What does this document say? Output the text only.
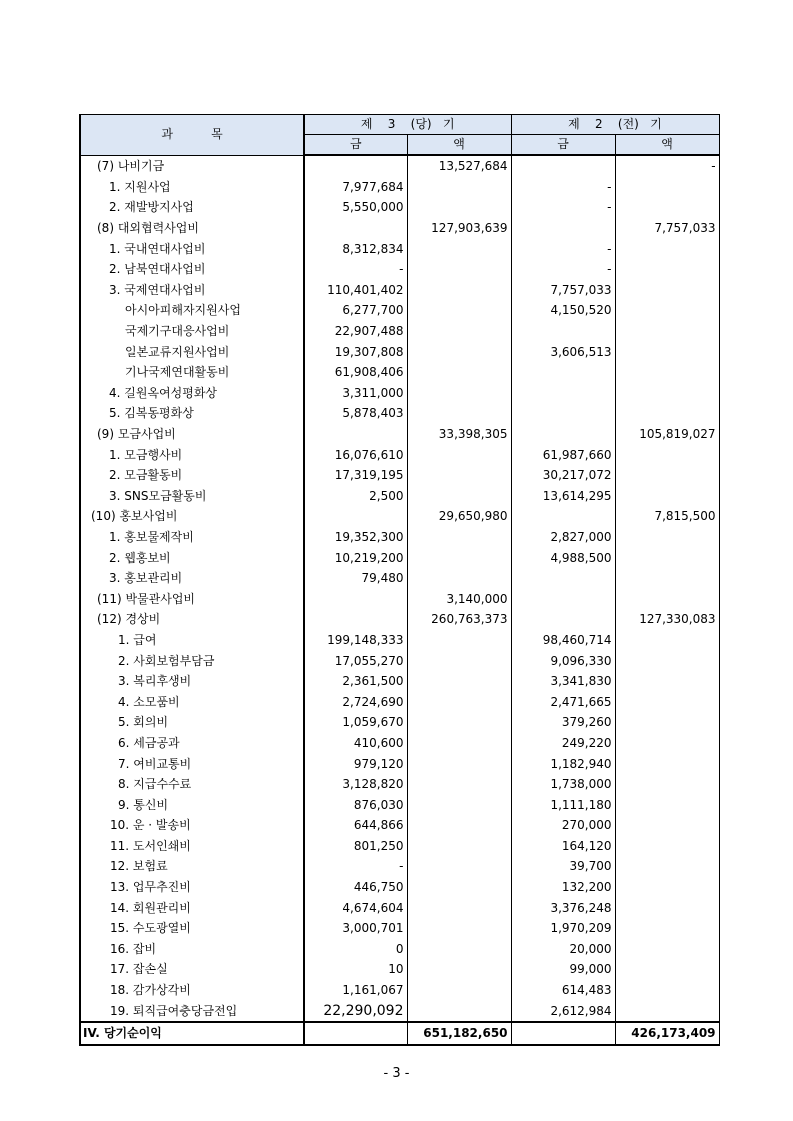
과          목	제    3    (당)   기		제    2    (전)   기	
	금	액	금	액
(7) 나비기금		13,527,684		-
1. 지원사업	7,977,684		-	
2. 재발방지사업	5,550,000		-	
(8) 대외협력사업비		127,903,639		7,757,033
1. 국내연대사업비	8,312,834		-	
2. 남북연대사업비	-		-	
3. 국제연대사업비	110,401,402		7,757,033	
아시아피해자지원사업	6,277,700		4,150,520	
국제기구대응사업비	22,907,488			
일본교류지원사업비	19,307,808		3,606,513	
기나국제연대활동비	61,908,406			
4. 길원옥여성평화상	3,311,000			
5. 김복동평화상	5,878,403			
(9) 모금사업비		33,398,305		105,819,027
1. 모금행사비	16,076,610		61,987,660	
2. 모금활동비	17,319,195		30,217,072	
3. SNS모금활동비	2,500		13,614,295	
(10) 홍보사업비		29,650,980		7,815,500
1. 홍보물제작비	19,352,300		2,827,000	
2. 웹홍보비	10,219,200		4,988,500	
3. 홍보관리비	79,480			
(11) 박물관사업비		3,140,000		
(12) 경상비		260,763,373		127,330,083
1. 급여	199,148,333		98,460,714	
2. 사회보험부담금	17,055,270		9,096,330	
3. 복리후생비	2,361,500		3,341,830	
4. 소모품비	2,724,690		2,471,665	
5. 회의비	1,059,670		379,260	
6. 세금공과	410,600		249,220	
7. 여비교통비	979,120		1,182,940	
8. 지급수수료	3,128,820		1,738,000	
9. 통신비	876,030		1,111,180	
10. 운 · 발송비	644,866		270,000	
11. 도서인쇄비	801,250		164,120	
12. 보험료	-		39,700	
13. 업무추진비	446,750		132,200	
14. 회원관리비	4,674,604		3,376,248	
15. 수도광열비	3,000,701		1,970,209	
16. 잡비	0		20,000	
17. 잡손실	10		99,000	
18. 감가상각비	1,161,067		614,483	
19. 퇴직급여충당금전입	22,290,092		2,612,984	
IV. 당기순이익		651,182,650		426,173,409
- 3 -
